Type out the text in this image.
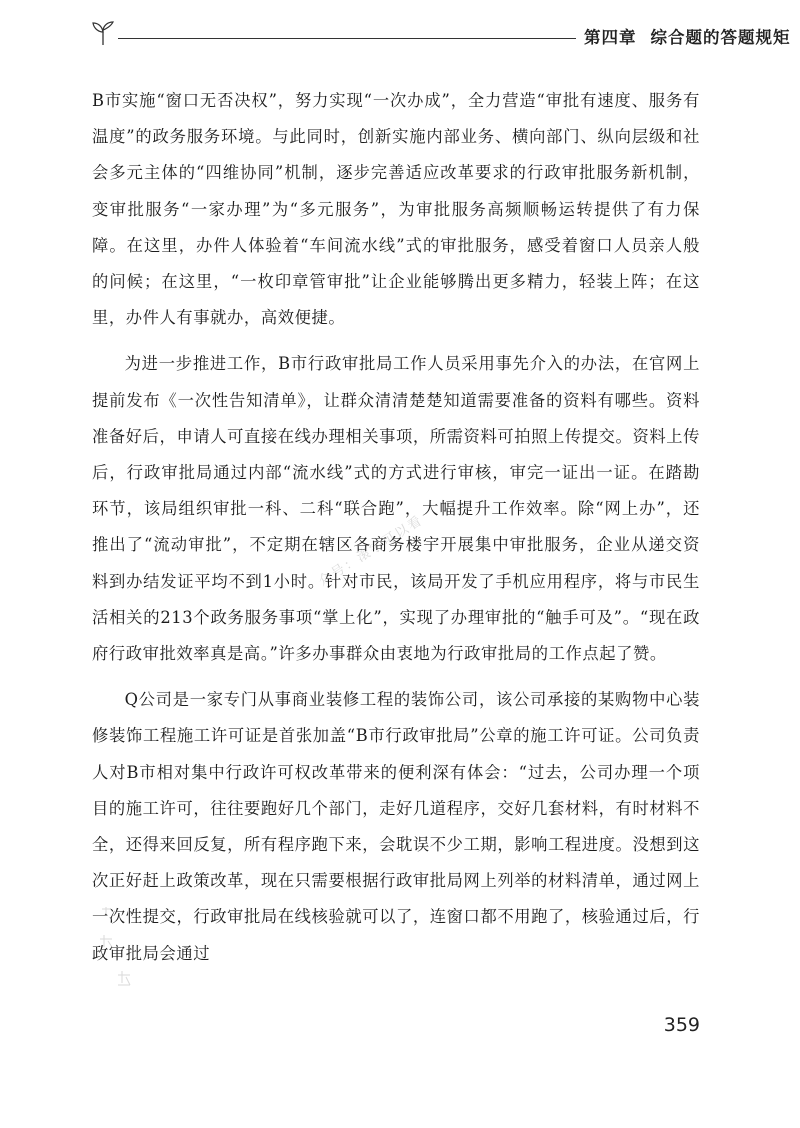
第四章 综合题的答题规矩

B市实施“窗口无否决权”，努力实现“一次办成”，全力营造“审批有速度、服务有温度”的政务服务环境。与此同时，创新实施内部业务、横向部门、纵向层级和社会多元主体的“四维协同”机制，逐步完善适应改革要求的行政审批服务新机制，变审批服务“一家办理”为“多元服务”，为审批服务高频顺畅运转提供了有力保障。在这里，办件人体验着“车间流水线”式的审批服务，感受着窗口人员亲人般的问候；在这里，“一枚印章管审批”让企业能够腾出更多精力，轻装上阵；在这里，办件人有事就办，高效便捷。

为进一步推进工作，B市行政审批局工作人员采用事先介入的办法，在官网上提前发布《一次性告知清单》，让群众清清楚楚知道需要准备的资料有哪些。资料准备好后，申请人可直接在线办理相关事项，所需资料可拍照上传提交。资料上传后，行政审批局通过内部“流水线”式的方式进行审核，审完一证出一证。在踏勘环节，该局组织审批一科、二科“联合跑”，大幅提升工作效率。除“网上办”，还推出了“流动审批”，不定期在辖区各商务楼宇开展集中审批服务，企业从递交资料到办结发证平均不到1小时。针对市民，该局开发了手机应用程序，将与市民生活相关的213个政务服务事项“掌上化”，实现了办理审批的“触手可及”。“现在政府行政审批效率真是高。”许多办事群众由衷地为行政审批局的工作点起了赞。

Q公司是一家专门从事商业装修工程的装饰公司，该公司承接的某购物中心装修装饰工程施工许可证是首张加盖“B市行政审批局”公章的施工许可证。公司负责人对B市相对集中行政许可权改革带来的便利深有体会：“过去，公司办理一个项目的施工许可，往往要跑好几个部门，走好几道程序，交好几套材料，有时材料不全，还得来回反复，所有程序跑下来，会耽误不少工期，影响工程进度。没想到这次正好赶上政策改革，现在只需要根据行政审批局网上列举的材料清单，通过网上一次性提交，行政审批局在线核验就可以了，连窗口都不用跑了，核验通过后，行政审批局会通过

众号：滚宇可以看
359
